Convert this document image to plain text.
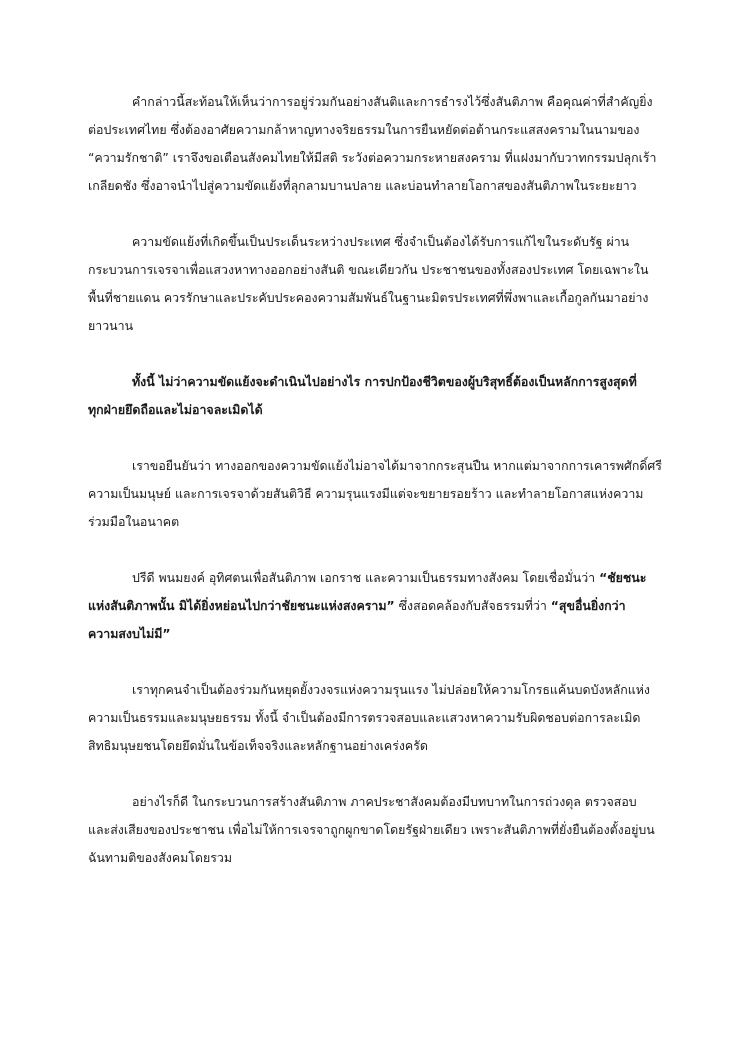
คำกล่าวนี้สะท้อนให้เห็นว่าการอยู่ร่วมกันอย่างสันติและการธำรงไว้ซึ่งสันติภาพ คือคุณค่าที่สำคัญยิ่ง
ต่อประเทศไทย ซึ่งต้องอาศัยความกล้าหาญทางจริยธรรมในการยืนหยัดต่อต้านกระแสสงครามในนามของ
“ความรักชาติ” เราจึงขอเตือนสังคมไทยให้มีสติ ระวังต่อความกระหายสงคราม ที่แฝงมากับวาทกรรมปลุกเร้า
เกลียดชัง ซึ่งอาจนำไปสู่ความขัดแย้งที่ลุกลามบานปลาย และบ่อนทำลายโอกาสของสันติภาพในระยะยาว

ความขัดแย้งที่เกิดขึ้นเป็นประเด็นระหว่างประเทศ ซึ่งจำเป็นต้องได้รับการแก้ไขในระดับรัฐ ผ่าน
กระบวนการเจรจาเพื่อแสวงหาทางออกอย่างสันติ ขณะเดียวกัน ประชาชนของทั้งสองประเทศ โดยเฉพาะใน
พื้นที่ชายแดน ควรรักษาและประคับประคองความสัมพันธ์ในฐานะมิตรประเทศที่พึ่งพาและเกื้อกูลกันมาอย่าง
ยาวนาน

ทั้งนี้ ไม่ว่าความขัดแย้งจะดำเนินไปอย่างไร การปกป้องชีวิตของผู้บริสุทธิ์ต้องเป็นหลักการสูงสุดที่
ทุกฝ่ายยึดถือและไม่อาจละเมิดได้

เราขอยืนยันว่า ทางออกของความขัดแย้งไม่อาจได้มาจากกระสุนปืน หากแต่มาจากการเคารพศักดิ์ศรี
ความเป็นมนุษย์ และการเจรจาด้วยสันติวิธี ความรุนแรงมีแต่จะขยายรอยร้าว และทำลายโอกาสแห่งความ
ร่วมมือในอนาคต

ปรีดี พนมยงค์ อุทิศตนเพื่อสันติภาพ เอกราช และความเป็นธรรมทางสังคม โดยเชื่อมั่นว่า “ชัยชนะ
แห่งสันติภาพนั้น มิได้ยิ่งหย่อนไปกว่าชัยชนะแห่งสงคราม” ซึ่งสอดคล้องกับสัจธรรมที่ว่า “สุขอื่นยิ่งกว่า
ความสงบไม่มี”

เราทุกคนจำเป็นต้องร่วมกันหยุดยั้งวงจรแห่งความรุนแรง ไม่ปล่อยให้ความโกรธแค้นบดบังหลักแห่ง
ความเป็นธรรมและมนุษยธรรม ทั้งนี้ จำเป็นต้องมีการตรวจสอบและแสวงหาความรับผิดชอบต่อการละเมิด
สิทธิมนุษยชนโดยยึดมั่นในข้อเท็จจริงและหลักฐานอย่างเคร่งครัด

อย่างไรก็ดี ในกระบวนการสร้างสันติภาพ ภาคประชาสังคมต้องมีบทบาทในการถ่วงดุล ตรวจสอบ
และส่งเสียงของประชาชน เพื่อไม่ให้การเจรจาถูกผูกขาดโดยรัฐฝ่ายเดียว เพราะสันติภาพที่ยั่งยืนต้องตั้งอยู่บน
ฉันทามติของสังคมโดยรวม
